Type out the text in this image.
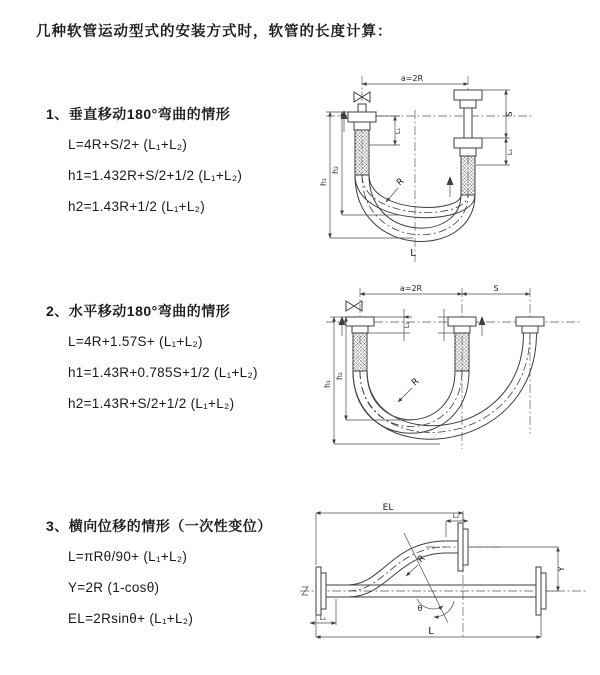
几种软管运动型式的安装方式时，软管的长度计算：
1、垂直移动180°弯曲的情形
L=4R+S/2+ (L₁+L₂)
h1=1.432R+S/2+1/2 (L₁+L₂)
h2=1.43R+1/2 (L₁+L₂)
2、水平移动180°弯曲的情形
L=4R+1.57S+ (L₁+L₂)
h1=1.43R+0.785S+1/2 (L₁+L₂)
h2=1.43R+S/2+1/2 (L₁+L₂)
3、横向位移的情形（一次性变位）
L=πRθ/90+ (L₁+L₂)
Y=2R (1-cosθ)
EL=2Rsinθ+ (L₁+L₂)
a=2R
R
h₁
h₂
L₁
S
L₂
L
a=2R	S
L₁
R
h₁
h₂
θ
R
EL
L₂
Y
L₁
L
